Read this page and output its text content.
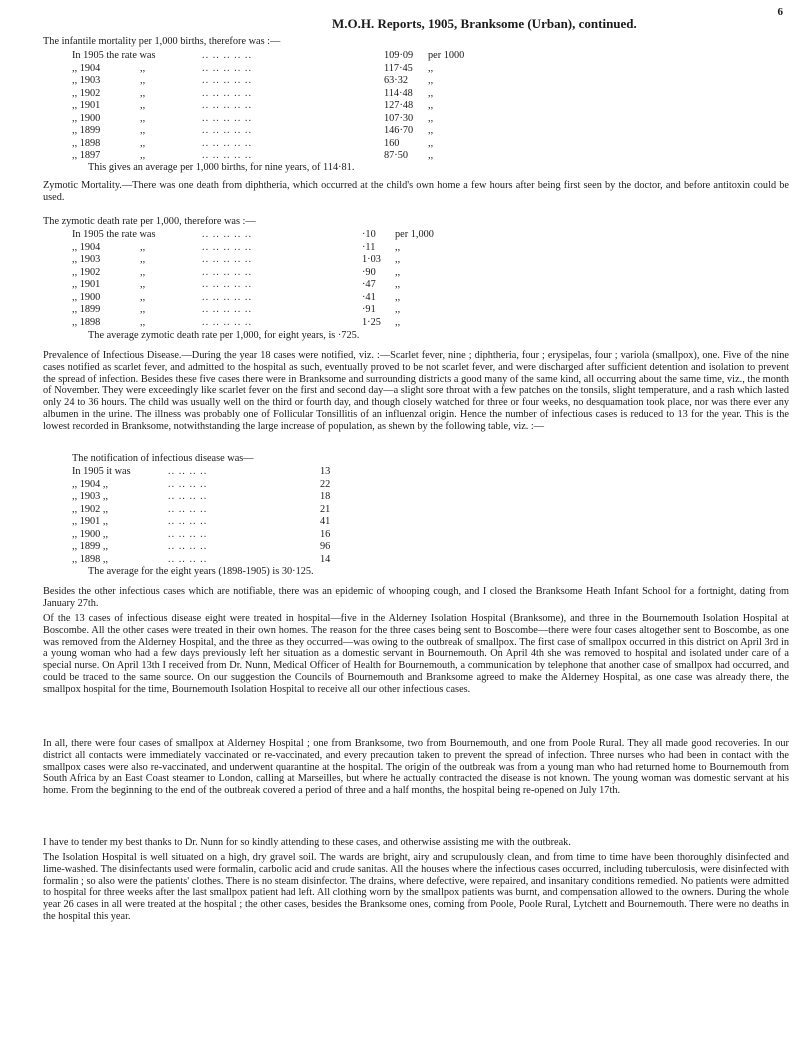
6
M.O.H. Reports, 1905, Branksome (Urban), continued.
The infantile mortality per 1,000 births, therefore was :—
In 1905 the rate was	.. .. .. .. ..	109·09 per 1000
,, 1904	,,	.. .. .. .. ..	117·45 ,,
,, 1903	,,	.. .. .. .. ..	63·32 ,,
,, 1902	,,	.. .. .. .. ..	114·48 ,,
,, 1901	,,	.. .. .. .. ..	127·48 ,,
,, 1900	,,	.. .. .. .. ..	107·30 ,,
,, 1899	,,	.. .. .. .. ..	146·70 ,,
,, 1898	,,	.. .. .. .. ..	160	,,
,, 1897	,,	.. .. .. .. ..	87·50 ,,
This gives an average per 1,000 births, for nine years, of 114·81.
Zymotic Mortality.—There was one death from diphtheria, which occurred at the child's own home a few hours after being first seen by the doctor, and before antitoxin could be used.
The zymotic death rate per 1,000, therefore was :—
In 1905 the rate was	.. .. .. .. ..	·10 per 1,000
,, 1904	,,	.. .. .. .. ..	·11 ,,
,, 1903	,,	.. .. .. .. ..	1·03 ,,
,, 1902	,,	.. .. .. .. ..	·90 ,,
,, 1901	,,	.. .. .. .. ..	·47 ,,
,, 1900	,,	.. .. .. .. ..	·41 ,,
,, 1899	,,	.. .. .. .. ..	·91 ,,
,, 1898	,,	.. .. .. .. ..	1·25 ,,
The average zymotic death rate per 1,000, for eight years, is ·725.
Prevalence of Infectious Disease.—During the year 18 cases were notified, viz. :—Scarlet fever, nine ; diphtheria, four ; erysipelas, four ; variola (smallpox), one. Five of the nine cases notified as scarlet fever, and admitted to the hospital as such, eventually proved to be not scarlet fever, and were discharged after sufficient detention and isolation to prevent the spread of infection. Besides these five cases there were in Branksome and surrounding districts a good many of the same kind, all occurring about the same time, viz., the month of November. They were exceedingly like scarlet fever on the first and second day—a slight sore throat with a few patches on the tonsils, slight temperature, and a rash which lasted only 24 to 36 hours. The child was usually well on the third or fourth day, and though closely watched for three or four weeks, no desquamation took place, nor was there ever any albumen in the urine. The illness was probably one of Follicular Tonsillitis of an influenzal origin. Hence the number of infectious cases is reduced to 13 for the year. This is the lowest recorded in Branksome, notwithstanding the large increase of population, as shewn by the following table, viz. :—
The notification of infectious disease was—
In 1905 it was	.. .. .. ..	13
,, 1904 ,,	.. .. .. ..	22
,, 1903 ,,	.. .. .. ..	18
,, 1902 ,,	.. .. .. ..	21
,, 1901 ,,	.. .. .. ..	41
,, 1900 ,,	.. .. .. ..	16
,, 1899 ,,	.. .. .. ..	96
,, 1898 ,,	.. .. .. ..	14
The average for the eight years (1898-1905) is 30·125.
Besides the other infectious cases which are notifiable, there was an epidemic of whooping cough, and I closed the Branksome Heath Infant School for a fortnight, dating from January 27th.
Of the 13 cases of infectious disease eight were treated in hospital—five in the Alderney Isolation Hospital (Branksome), and three in the Bournemouth Isolation Hospital at Boscombe. All the other cases were treated in their own homes. The reason for the three cases being sent to Boscombe—there were four cases altogether sent to Boscombe, as one was removed from the Alderney Hospital, and the three as they occurred—was owing to the outbreak of smallpox. The first case of smallpox occurred in this district on April 3rd in a young woman who had a few days previously left her situation as a domestic servant in Bournemouth. On April 4th she was removed to hospital and isolated under care of a special nurse. On April 13th I received from Dr. Nunn, Medical Officer of Health for Bournemouth, a communication by telephone that another case of smallpox had occurred, and could be traced to the same source. On our suggestion the Councils of Bournemouth and Branksome agreed to make the Alderney Hospital, as one case was already there, the smallpox hospital for the time, Bournemouth Isolation Hospital to receive all our other infectious cases.
In all, there were four cases of smallpox at Alderney Hospital ; one from Branksome, two from Bournemouth, and one from Poole Rural. They all made good recoveries. In our district all contacts were immediately vaccinated or re-vaccinated, and every precaution taken to prevent the spread of infection. Three nurses who had been in contact with the smallpox cases were also re-vaccinated, and underwent quarantine at the hospital. The origin of the outbreak was from a young man who had returned home to Bournemouth from South Africa by an East Coast steamer to London, calling at Marseilles, but where he actually contracted the disease is not known. The young woman was domestic servant at his home. From the beginning to the end of the outbreak covered a period of three and a half months, the hospital being re-opened on July 17th.
I have to tender my best thanks to Dr. Nunn for so kindly attending to these cases, and otherwise assisting me with the outbreak.
The Isolation Hospital is well situated on a high, dry gravel soil. The wards are bright, airy and scrupulously clean, and from time to time have been thoroughly disinfected and lime-washed. The disinfectants used were formalin, carbolic acid and crude sanitas. All the houses where the infectious cases occurred, including tuberculosis, were disinfected with formalin ; so also were the patients' clothes. There is no steam disinfector. The drains, where defective, were repaired, and insanitary conditions remedied. No patients were admitted to hospital for three weeks after the last smallpox patient had left. All clothing worn by the smallpox patients was burnt, and compensation allowed to the owners. During the whole year 26 cases in all were treated at the hospital ; the other cases, besides the Branksome ones, coming from Poole, Poole Rural, Lytchett and Bournemouth. There were no deaths in the hospital this year.
